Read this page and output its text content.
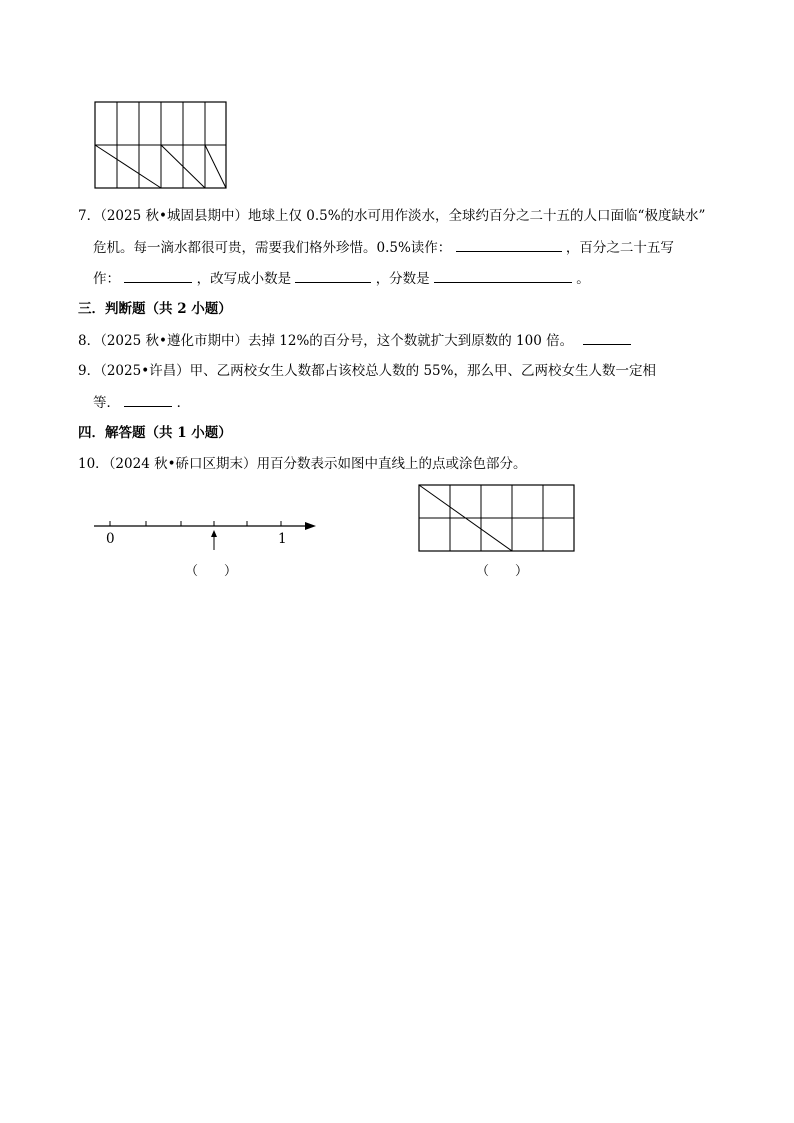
7．（2025 秋•城固县期中）地球上仅 0.5%的水可用作淡水，全球约百分之二十五的人口面临“极度缺水”
危机。每一滴水都很可贵，需要我们格外珍惜。0.5%读作：	，百分之二十五写
作：	，改写成小数是	，分数是	。
三．判断题（共 2 小题）
8．（2025 秋•遵化市期中）去掉 12%的百分号，这个数就扩大到原数的 100 倍。
9．（2025•许昌）甲、乙两校女生人数都占该校总人数的 55%，那么甲、乙两校女生人数一定相
等．	．
四．解答题（共 1 小题）
10．（2024 秋•硚口区期末）用百分数表示如图中直线上的点或涂色部分。
0	1
（　　）	（　　）
